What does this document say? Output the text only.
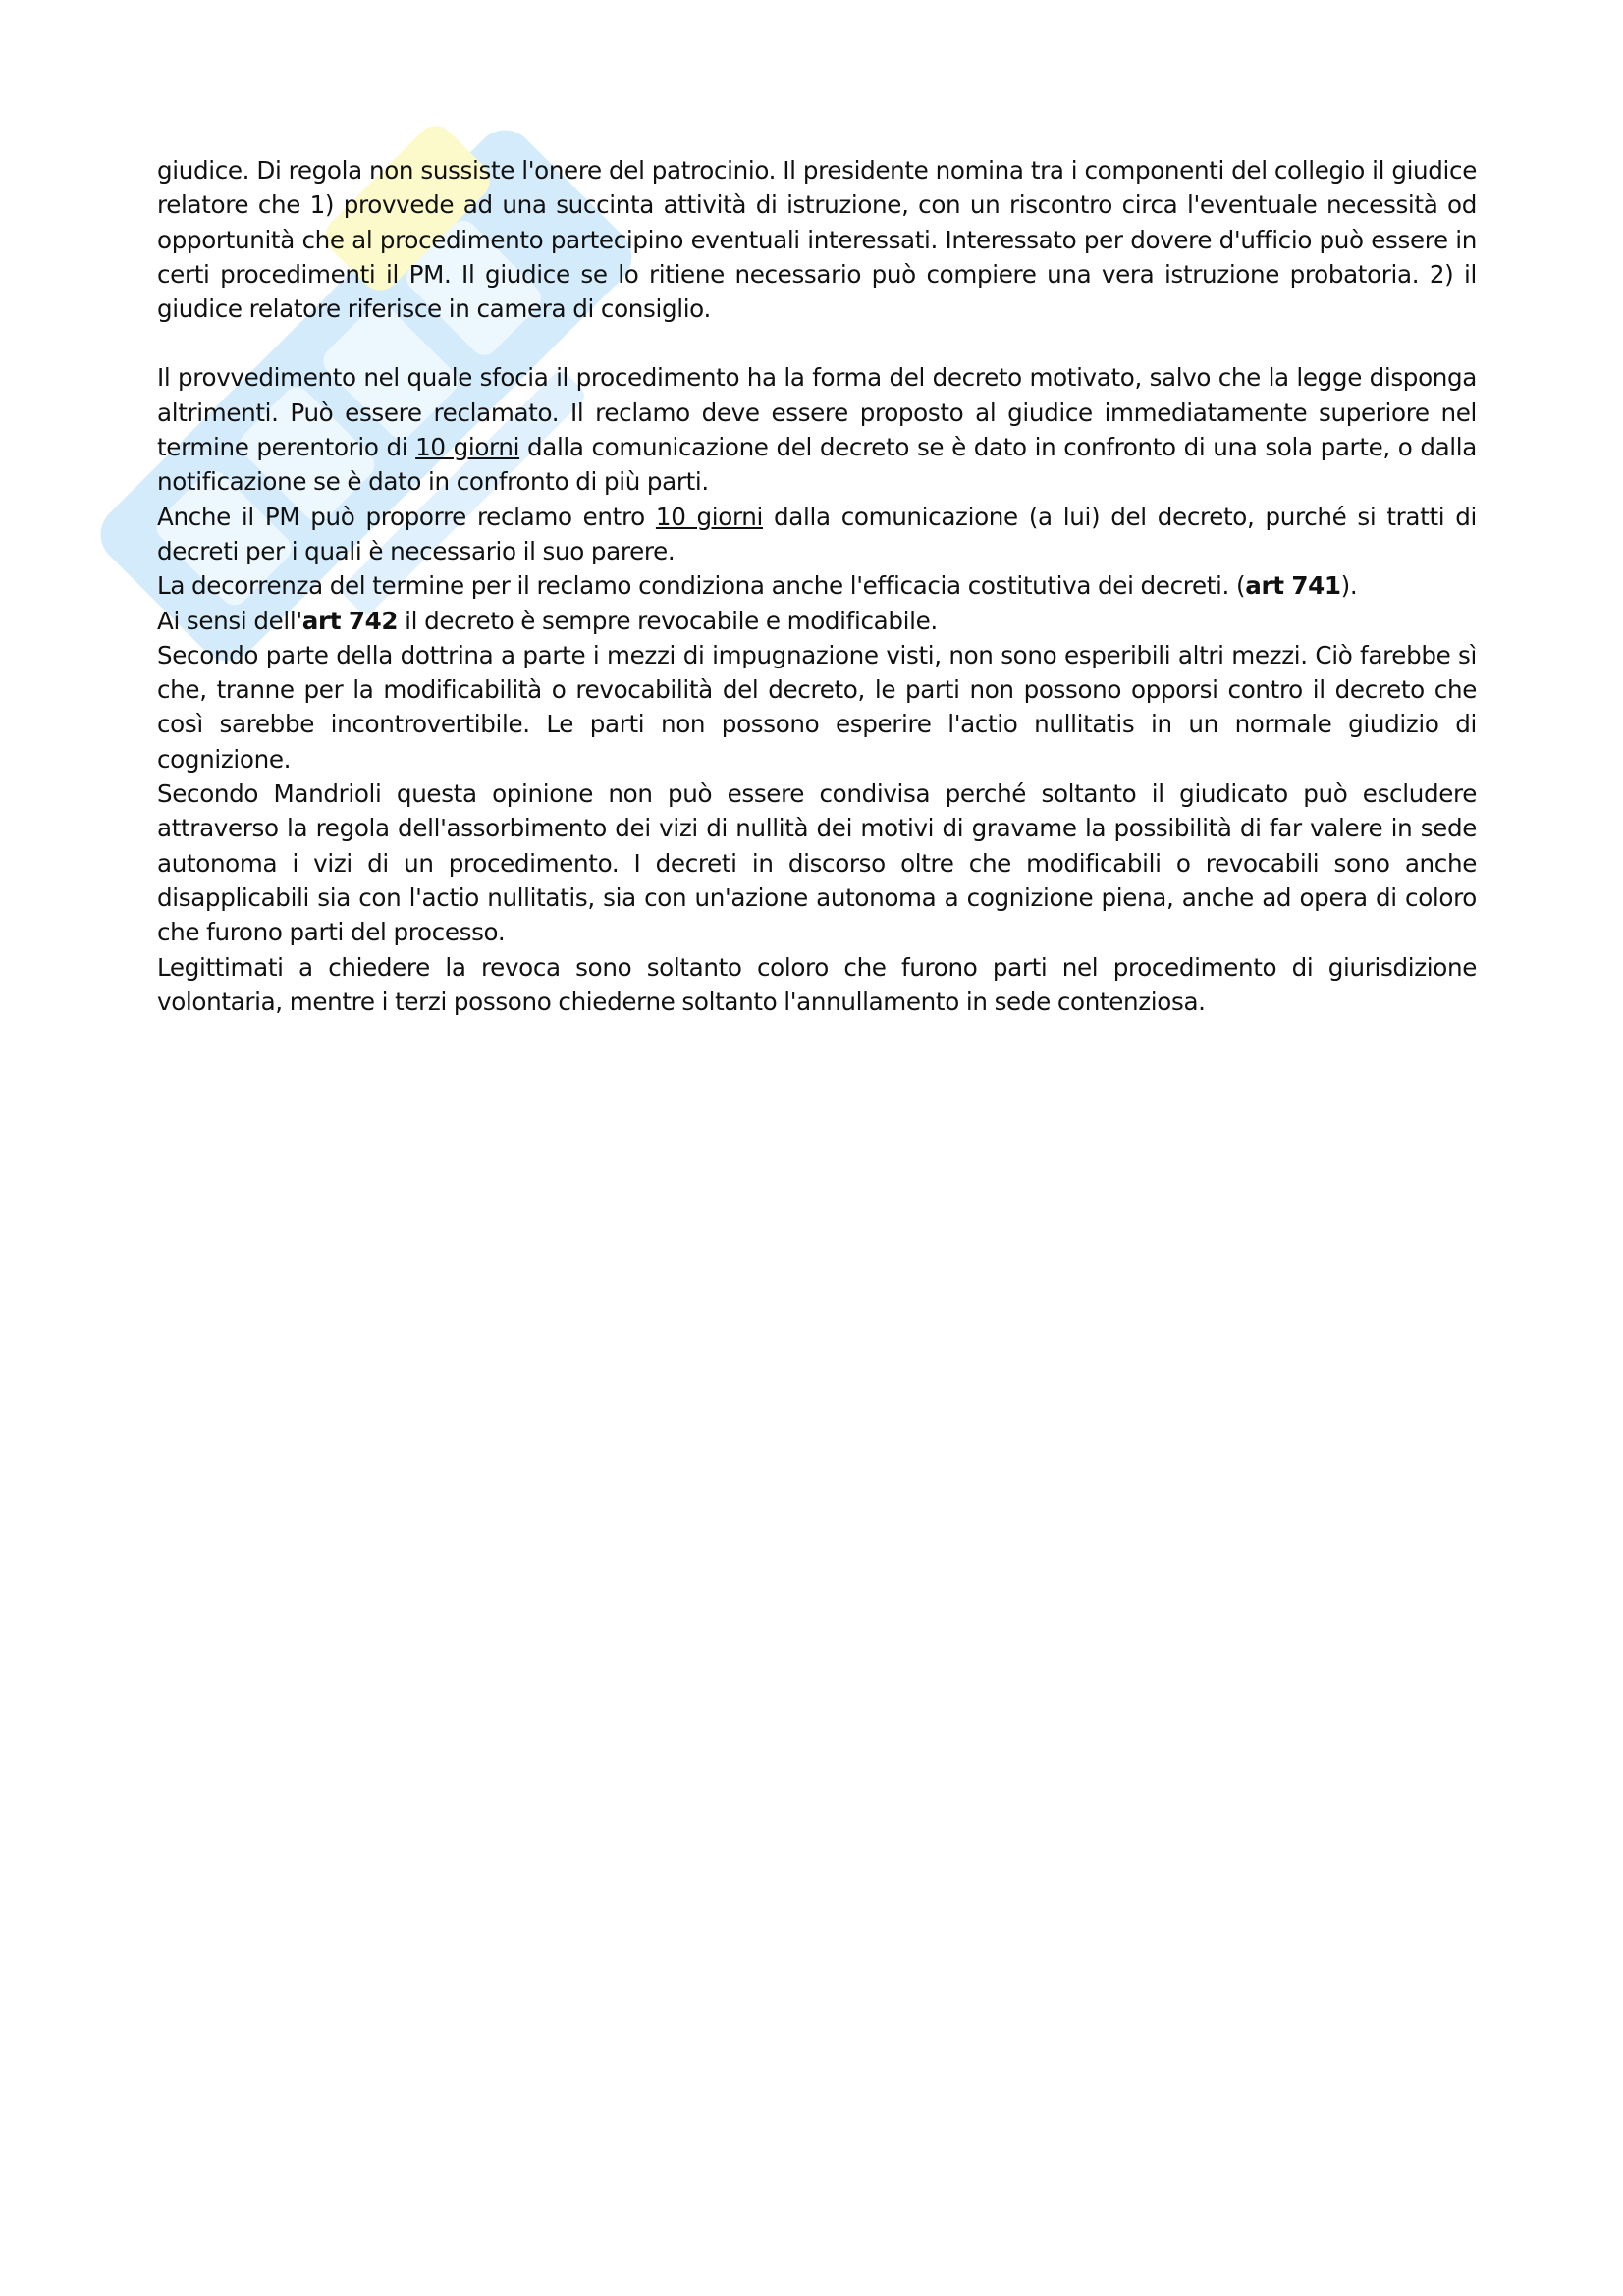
giudice. Di regola non sussiste l'onere del patrocinio. Il presidente nomina tra i componenti del collegio il giudice relatore che 1) provvede ad una succinta attività di istruzione, con un riscontro circa l'eventuale necessità od opportunità che al procedimento partecipino eventuali interessati. Interessato per dovere d'ufficio può essere in certi procedimenti il PM. Il giudice se lo ritiene necessario può compiere una vera istruzione probatoria. 2) il giudice relatore riferisce in camera di consiglio.

Il provvedimento nel quale sfocia il procedimento ha la forma del decreto motivato, salvo che la legge disponga altrimenti. Può essere reclamato. Il reclamo deve essere proposto al giudice immediatamente superiore nel termine perentorio di 10 giorni dalla comunicazione del decreto se è dato in confronto di una sola parte, o dalla notificazione se è dato in confronto di più parti.

Anche il PM può proporre reclamo entro 10 giorni dalla comunicazione (a lui) del decreto, purché si tratti di decreti per i quali è necessario il suo parere.

La decorrenza del termine per il reclamo condiziona anche l'efficacia costitutiva dei decreti. (art 741).

Ai sensi dell'art 742 il decreto è sempre revocabile e modificabile.

Secondo parte della dottrina a parte i mezzi di impugnazione visti, non sono esperibili altri mezzi. Ciò farebbe sì che, tranne per la modificabilità o revocabilità del decreto, le parti non possono opporsi contro il decreto che così sarebbe incontrovertibile. Le parti non possono esperire l'actio nullitatis in un normale giudizio di cognizione.

Secondo Mandrioli questa opinione non può essere condivisa perché soltanto il giudicato può escludere attraverso la regola dell'assorbimento dei vizi di nullità dei motivi di gravame la possibilità di far valere in sede autonoma i vizi di un procedimento. I decreti in discorso oltre che modificabili o revocabili sono anche disapplicabili sia con l'actio nullitatis, sia con un'azione autonoma a cognizione piena, anche ad opera di coloro che furono parti del processo.

Legittimati a chiedere la revoca sono soltanto coloro che furono parti nel procedimento di giurisdizione volontaria, mentre i terzi possono chiederne soltanto l'annullamento in sede contenziosa.
